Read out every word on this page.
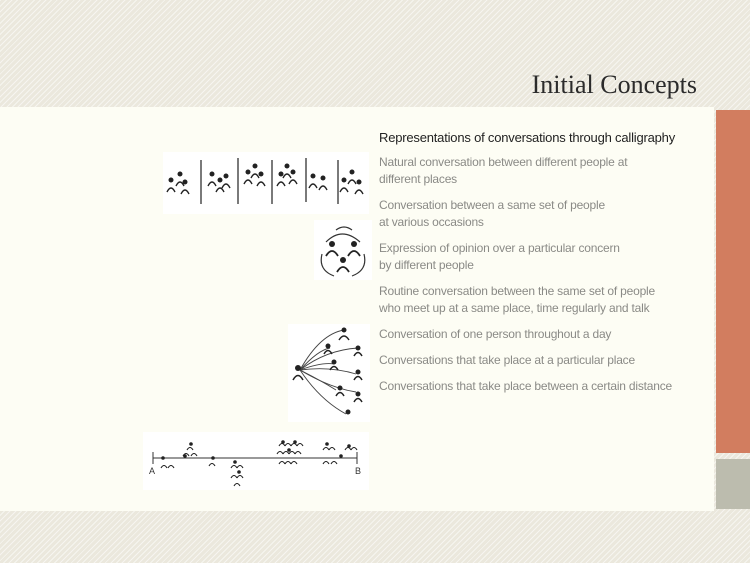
Initial Concepts
A	B

Representations of conversations through calligraphy

Natural conversation between different people at

different places

Conversation between a same set of people

at various occasions

Expression of opinion over a particular concern

by different people

Routine conversation between the same set of people

who meet up at a same place, time regularly and talk

Conversation of one person throughout a day

Conversations that take place at a particular place

Conversations that take place between a certain distance
